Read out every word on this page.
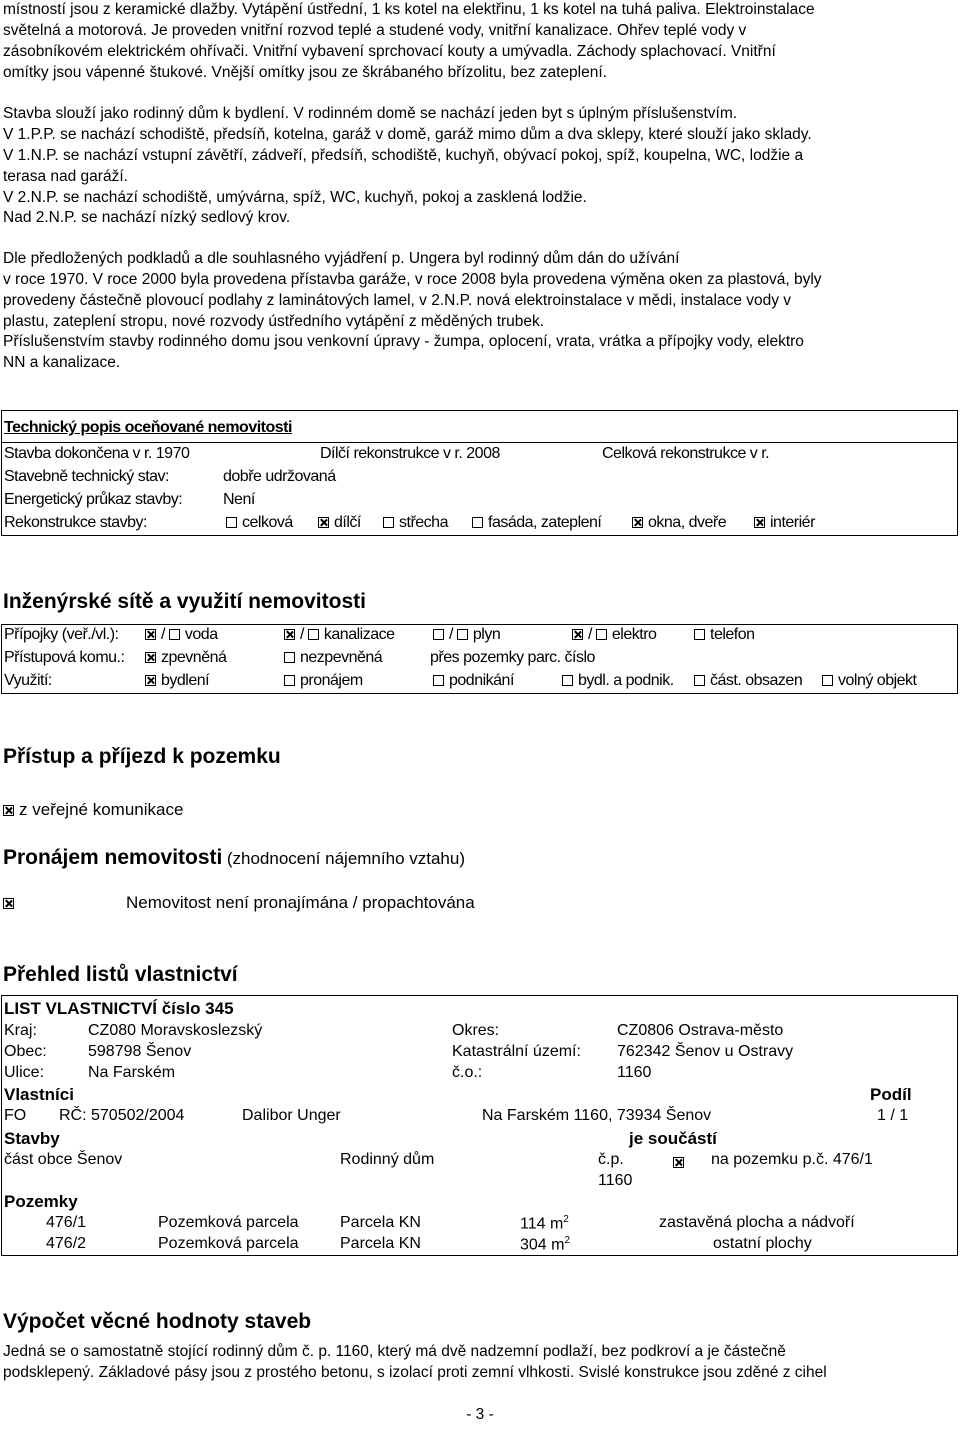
místností jsou z keramické dlažby. Vytápění ústřední, 1 ks kotel na elektřinu, 1 ks kotel na tuhá paliva. Elektroinstalace

světelná a motorová. Je proveden vnitřní rozvod teplé a studené vody, vnitřní kanalizace. Ohřev teplé vody v

zásobníkovém elektrickém ohřívači. Vnitřní vybavení sprchovací kouty a umývadla. Záchody splachovací. Vnitřní

omítky jsou vápenné štukové. Vnější omítky jsou ze škrábaného břízolitu, bez zateplení.

Stavba slouží jako rodinný dům k bydlení. V rodinném domě se nachází jeden byt s úplným příslušenstvím.

V 1.P.P. se nachází schodiště, předsíň, kotelna, garáž v domě, garáž mimo dům a dva sklepy, které slouží jako sklady.

V 1.N.P. se nachází vstupní závětří, zádveří, předsíň, schodiště, kuchyň, obývací pokoj, spíž, koupelna, WC, lodžie a

terasa nad garáží.

V 2.N.P. se nachází schodiště, umývárna, spíž, WC, kuchyň, pokoj a zasklená lodžie.

Nad 2.N.P. se nachází nízký sedlový krov.

Dle předložených podkladů a dle souhlasného vyjádření p. Ungera byl rodinný dům dán do užívání

v roce 1970. V roce 2000 byla provedena přístavba garáže, v roce 2008 byla provedena výměna oken za plastová, byly

provedeny částečně plovoucí podlahy z laminátových lamel, v 2.N.P. nová elektroinstalace v mědi, instalace vody v

plastu, zateplení stropu, nové rozvody ústředního vytápění z měděných trubek.

Příslušenstvím stavby rodinného domu jsou venkovní úpravy - žumpa, oplocení, vrata, vrátka a přípojky vody, elektro

NN a kanalizace.

Technický popis oceňované nemovitosti
Stavba dokončena v r. 1970	Dílčí rekonstrukce v r. 2008	Celková rekonstrukce v r.
Stavebně technický stav:	dobře udržovaná
Energetický průkaz stavby:	Není
Rekonstrukce stavby:	celková	dílčí	střecha	fasáda, zateplení	okna, dveře	interiér
Inženýrské sítě a využití nemovitosti
Přípojky (veř./vl.):	/ voda	/ kanalizace	/ plyn	/ elektro	telefon
Přístupová komu.:	zpevněná	nezpevněná	přes pozemky parc. číslo
Využití:	bydlení	pronájem	podnikání	bydl. a podnik.	část. obsazen	volný objekt
Přístup a příjezd k pozemku
z veřejné komunikace
Pronájem nemovitosti (zhodnocení nájemního vztahu)
Nemovitost není pronajímána / propachtována
Přehled listů vlastnictví
LIST VLASTNICTVÍ číslo 345
Kraj:	CZ080 Moravskoslezský	Okres:	CZ0806 Ostrava-město
Obec:	598798 Šenov	Katastrální území: 762342 Šenov u Ostravy
Ulice:	Na Farském	č.o.:	1160
Vlastníci	Podíl
FO RČ: 570502/2004	Dalibor Unger	Na Farském 1160, 73934 Šenov	1 / 1
Stavby	je součástí
část obce Šenov	Rodinný dům	č.p.	na pozemku p.č. 476/1
1160
Pozemky
476/1	Pozemková parcela	Parcela KN	114 $m^2$	zastavěná plocha a nádvoří
476/2	Pozemková parcela	Parcela KN	304 $m^2$	ostatní plochy
Výpočet věcné hodnoty staveb

Jedná se o samostatně stojící rodinný dům č. p. 1160, který má dvě nadzemní podlaží, bez podkroví a je částečně

podsklepený. Základové pásy jsou z prostého betonu, s izolací proti zemní vlhkosti. Svislé konstrukce jsou zděné z cihel

- 3 -
